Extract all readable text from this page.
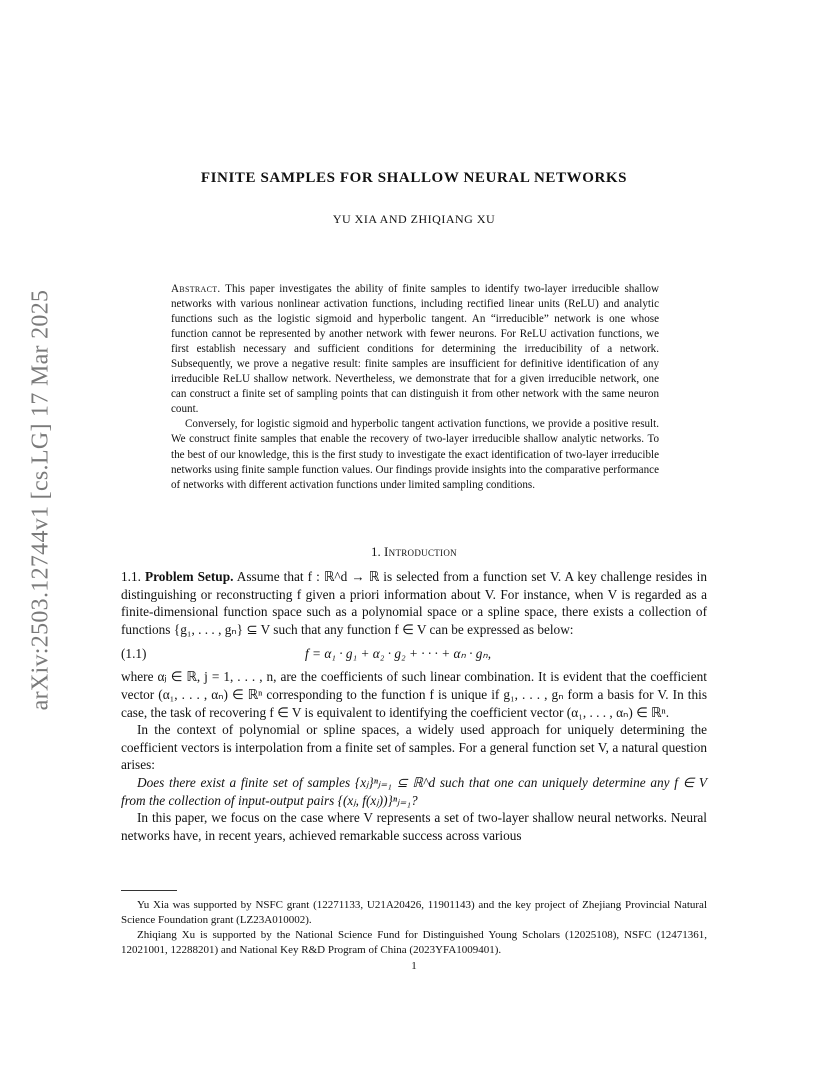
arXiv:2503.12744v1 [cs.LG] 17 Mar 2025
FINITE SAMPLES FOR SHALLOW NEURAL NETWORKS
YU XIA AND ZHIQIANG XU

Abstract. This paper investigates the ability of finite samples to identify two-layer irreducible shallow networks with various nonlinear activation functions, including rectified linear units (ReLU) and analytic functions such as the logistic sigmoid and hyperbolic tangent. An “irreducible” network is one whose function cannot be represented by another network with fewer neurons. For ReLU activation functions, we first establish necessary and sufficient conditions for determining the irreducibility of a network. Subsequently, we prove a negative result: finite samples are insufficient for definitive identification of any irreducible ReLU shallow network. Nevertheless, we demonstrate that for a given irreducible network, one can construct a finite set of sampling points that can distinguish it from other network with the same neuron count.

Conversely, for logistic sigmoid and hyperbolic tangent activation functions, we provide a positive result. We construct finite samples that enable the recovery of two-layer irreducible shallow analytic networks. To the best of our knowledge, this is the first study to investigate the exact identification of two-layer irreducible networks using finite sample function values. Our findings provide insights into the comparative performance of networks with different activation functions under limited sampling conditions.

1. Introduction

1.1. Problem Setup. Assume that f : ℝ^d → ℝ is selected from a function set V. A key challenge resides in distinguishing or reconstructing f given a priori information about V. For instance, when V is regarded as a finite-dimensional function space such as a polynomial space or a spline space, there exists a collection of functions {g₁, . . . , gₙ} ⊆ V such that any function f ∈ V can be expressed as below:

(1.1)	f = α₁ · g₁ + α₂ · g₂ + · · · + αₙ · gₙ,

where αⱼ ∈ ℝ, j = 1, . . . , n, are the coefficients of such linear combination. It is evident that the coefficient vector (α₁, . . . , αₙ) ∈ ℝⁿ corresponding to the function f is unique if g₁, . . . , gₙ form a basis for V. In this case, the task of recovering f ∈ V is equivalent to identifying the coefficient vector (α₁, . . . , αₙ) ∈ ℝⁿ.

In the context of polynomial or spline spaces, a widely used approach for uniquely determining the coefficient vectors is interpolation from a finite set of samples. For a general function set V, a natural question arises:

Does there exist a finite set of samples {xⱼ}ⁿⱼ₌₁ ⊆ ℝ^d such that one can uniquely determine any f ∈ V from the collection of input-output pairs {(xⱼ, f(xⱼ))}ⁿⱼ₌₁?

In this paper, we focus on the case where V represents a set of two-layer shallow neural networks. Neural networks have, in recent years, achieved remarkable success across various

Yu Xia was supported by NSFC grant (12271133, U21A20426, 11901143) and the key project of Zhejiang Provincial Natural Science Foundation grant (LZ23A010002).

Zhiqiang Xu is supported by the National Science Fund for Distinguished Young Scholars (12025108), NSFC (12471361, 12021001, 12288201) and National Key R&D Program of China (2023YFA1009401).

1
